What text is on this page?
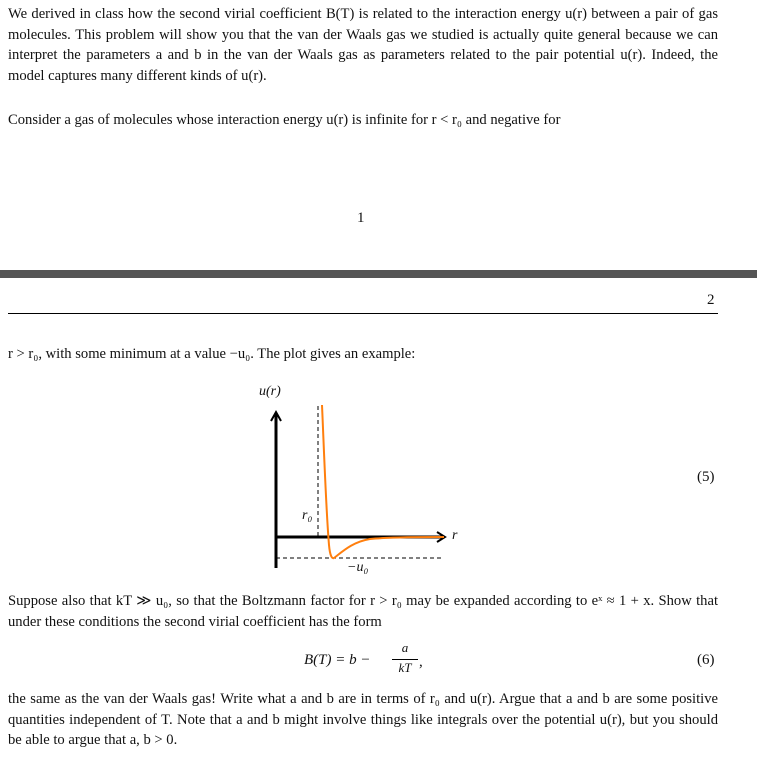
We derived in class how the second virial coefficient B(T) is related to the interaction energy u(r) between a pair of gas molecules. This problem will show you that the van der Waals gas we studied is actually quite general because we can interpret the parameters a and b in the van der Waals gas as parameters related to the pair potential u(r). Indeed, the model captures many different kinds of u(r).
Consider a gas of molecules whose interaction energy u(r) is infinite for r < r₀ and negative for
1
2
r > r₀, with some minimum at a value −u₀. The plot gives an example:
u(r)
r
r₀
−u₀
(5)
Suppose also that kT ≫ u₀, so that the Boltzmann factor for r > r₀ may be expanded according to eˣ ≈ 1 + x. Show that under these conditions the second virial coefficient has the form
B(T) = b −
a
kT ,	(6)
the same as the van der Waals gas! Write what a and b are in terms of r₀ and u(r). Argue that a and b are some positive quantities independent of T. Note that a and b might involve things like integrals over the potential u(r), but you should be able to argue that a, b > 0.
